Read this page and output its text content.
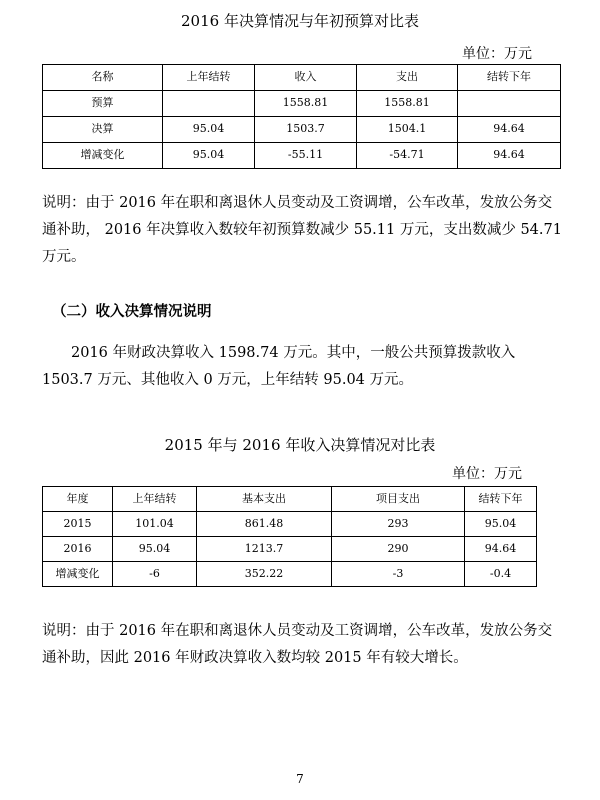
2016 年决算情况与年初预算对比表
单位：万元
名称	上年结转	收入	支出	结转下年
预算		1558.81	1558.81	
决算	95.04	1503.7	1504.1	94.64
增减变化	95.04	-55.11	-54.71	94.64

说明：由于 2016 年在职和离退休人员变动及工资调增，公车改革，发放公务交通补助， 2016 年决算收入数较年初预算数减少 55.11 万元，支出数减少 54.71 万元。

（二）收入决算情况说明

2016 年财政决算收入 1598.74 万元。其中，一般公共预算拨款收入 1503.7 万元、其他收入 0 万元，上年结转 95.04 万元。

2015 年与 2016 年收入决算情况对比表
单位：万元
年度	上年结转	基本支出	项目支出	结转下年
2015	101.04	861.48	293	95.04
2016	95.04	1213.7	290	94.64
增减变化	-6	352.22	-3	-0.4

说明：由于 2016 年在职和离退休人员变动及工资调增，公车改革，发放公务交通补助，因此 2016 年财政决算收入数均较 2015 年有较大增长。

7
